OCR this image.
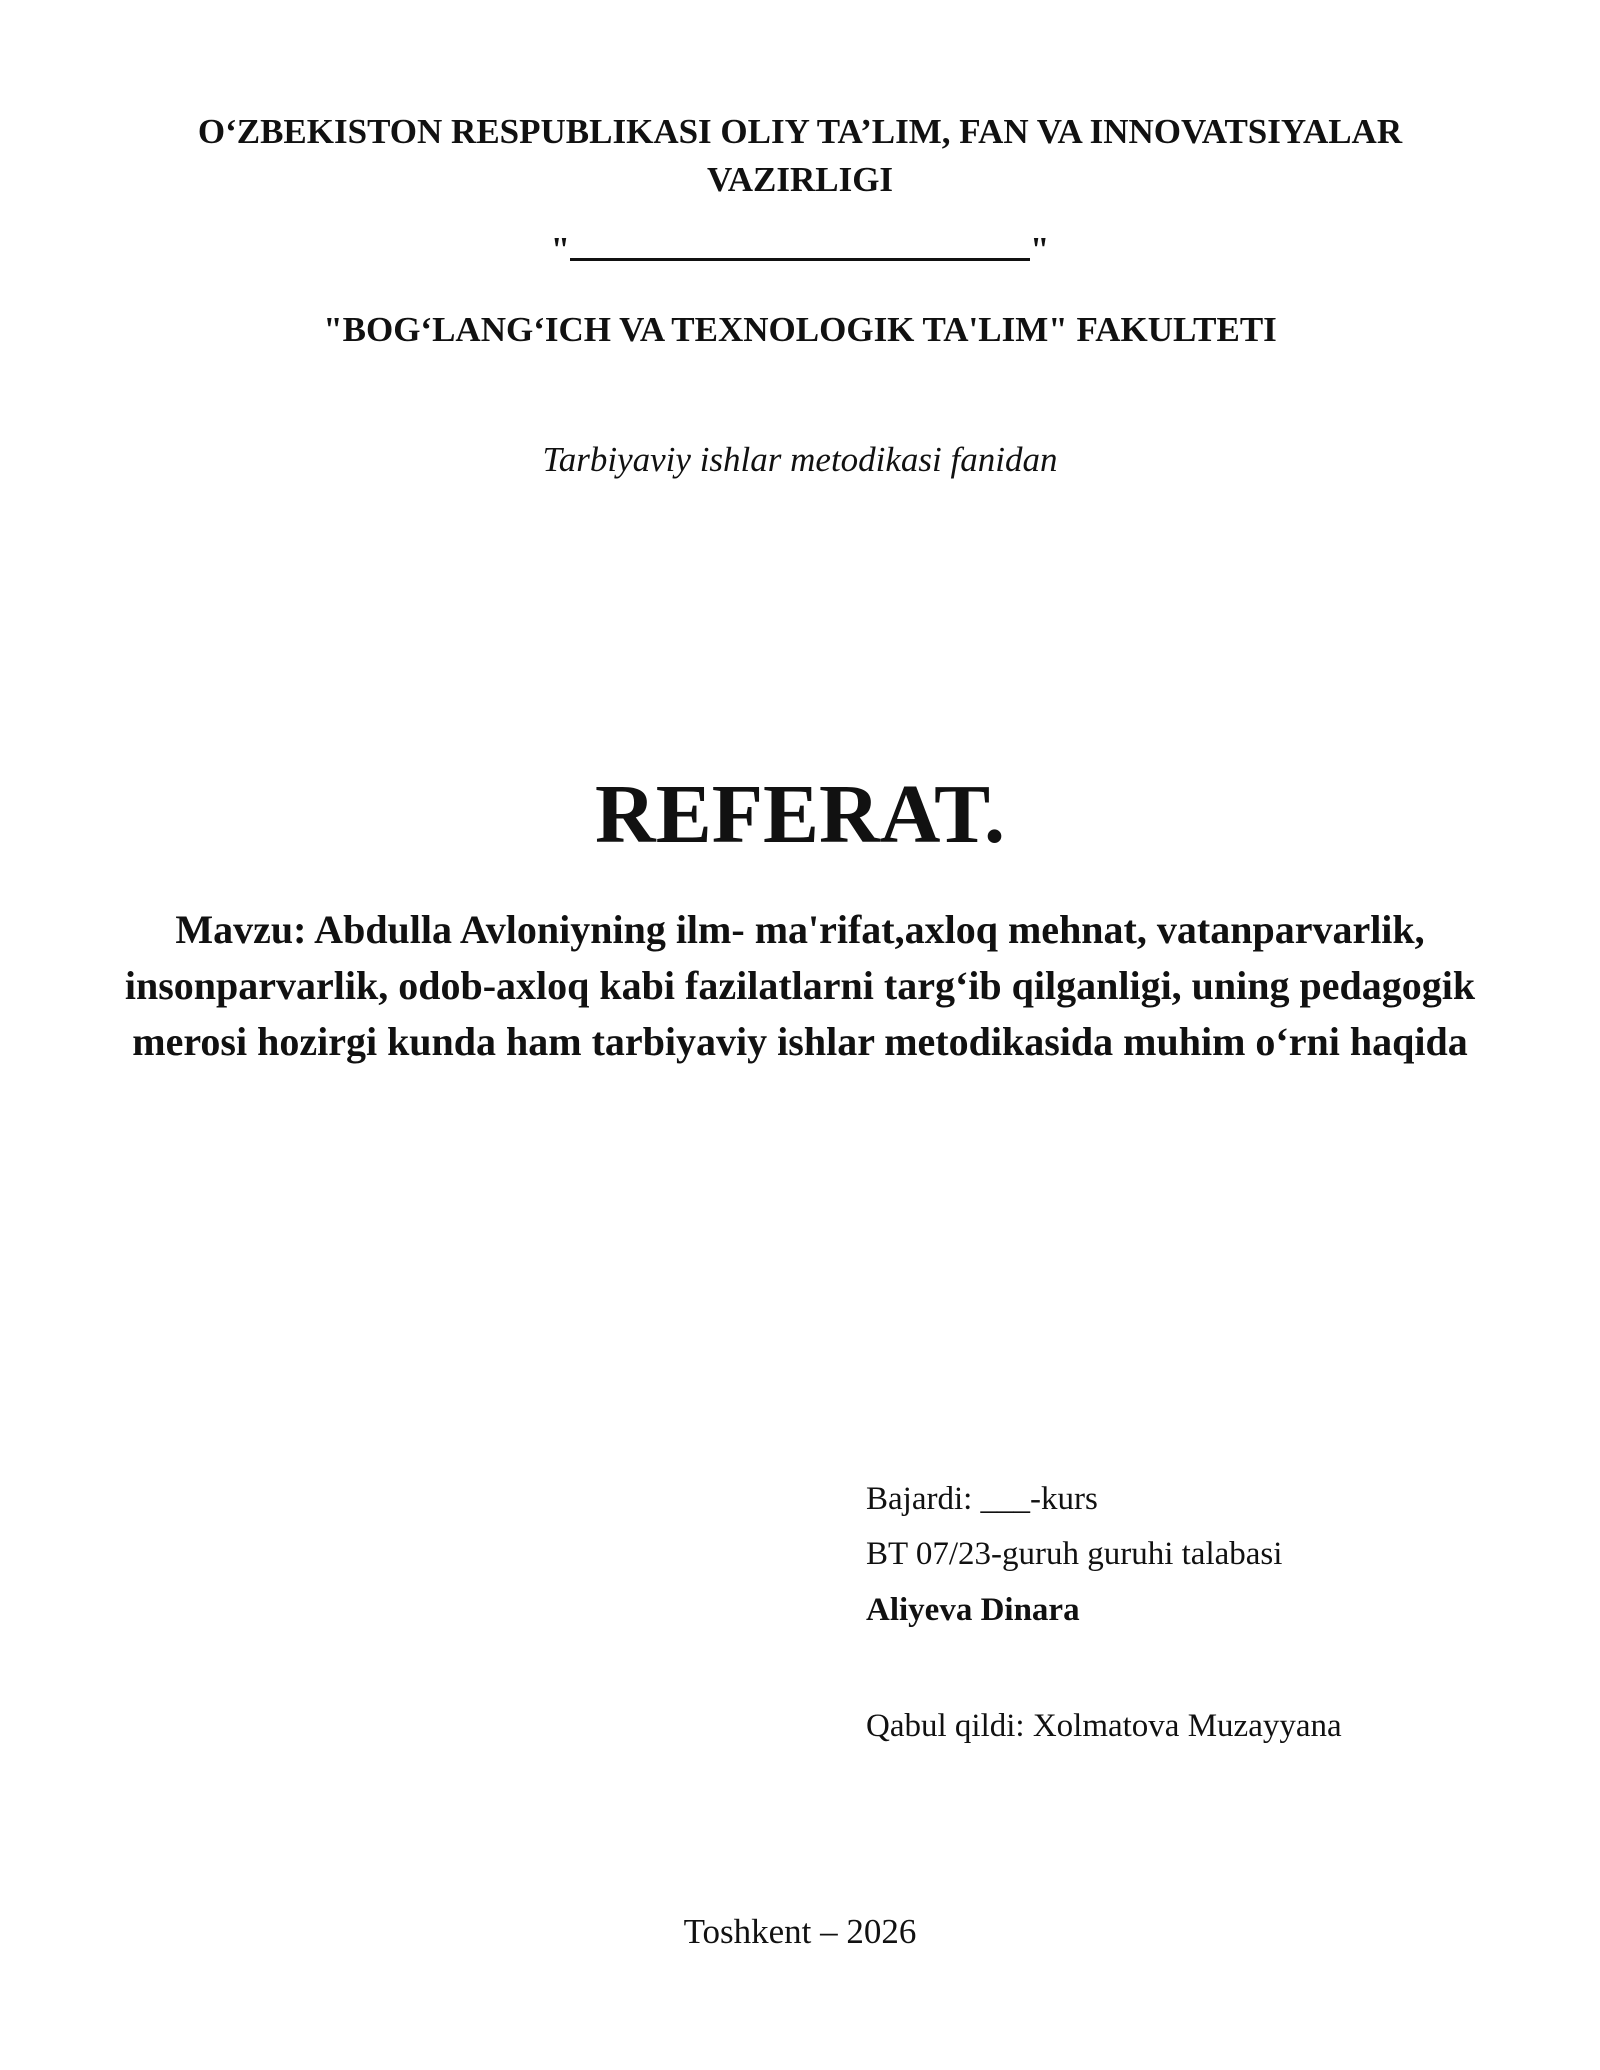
O‘ZBEKISTON RESPUBLIKASI OLIY TA’LIM, FAN VA INNOVATSIYALAR VAZIRLIGI
"	"
"BOG‘LANG‘ICH VA TEXNOLOGIK TA'LIM" FAKULTETI
Tarbiyaviy ishlar metodikasi fanidan
REFERAT.
Mavzu: Abdulla Avloniyning ilm- ma'rifat,axloq mehnat, vatanparvarlik, insonparvarlik, odob-axloq kabi fazilatlarni targ‘ib qilganligi, uning pedagogik merosi hozirgi kunda ham tarbiyaviy ishlar metodikasida muhim o‘rni haqida
Bajardi: ___-kurs
BT 07/23-guruh guruhi talabasi
Aliyeva Dinara
Qabul qildi: Xolmatova Muzayyana
Toshkent – 2026
